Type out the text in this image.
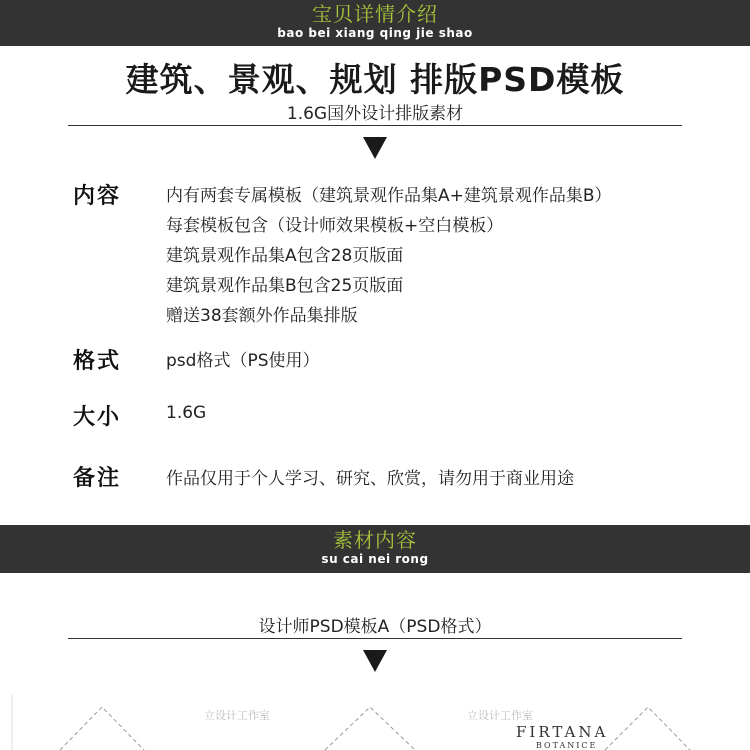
宝贝详情介绍
bao bei xiang qing jie shao
建筑、景观、规划 排版PSD模板
1.6G国外设计排版素材
内容	内有两套专属模板（建筑景观作品集A+建筑景观作品集B）
每套模板包含（设计师效果模板+空白模板）
建筑景观作品集A包含28页版面
建筑景观作品集B包含25页版面
赠送38套额外作品集排版
格式	psd格式（PS使用）
大小	1.6G
备注	作品仅用于个人学习、研究、欣赏，请勿用于商业用途
素材内容
su cai nei rong
设计师PSD模板A（PSD格式）
立设计工作室	立设计工作室
FIRTANA
BOTANICE
